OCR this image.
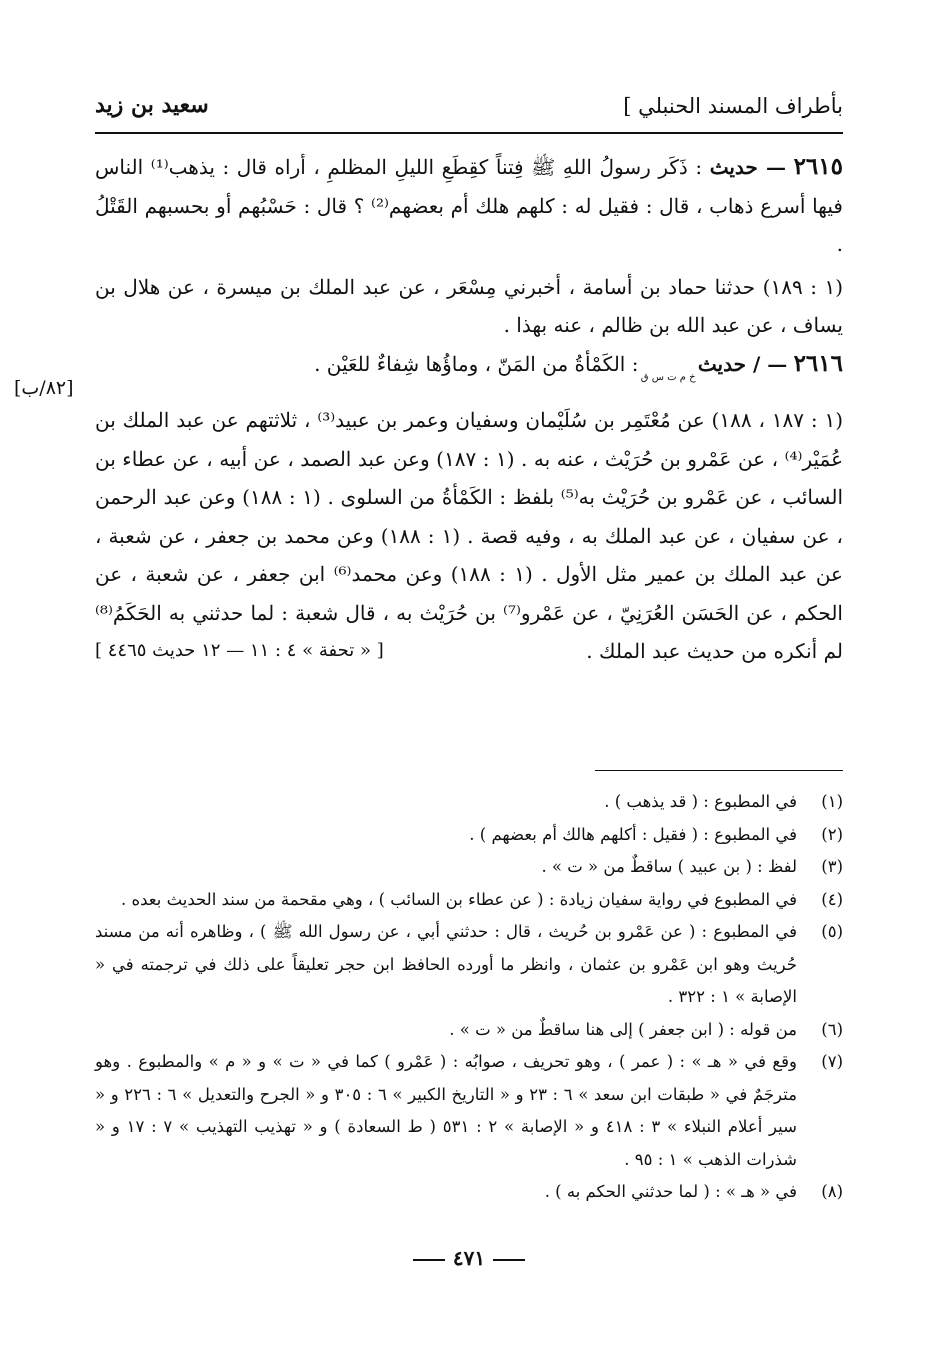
بأطراف المسند الحنبلي ]
سعيد بن زيد
[٨٢/ب]

٢٦١٥ — حديث : ذَكَر رسولُ اللهِ ﷺ فِتناً كقِطَعِ الليلِ المظلمِ ، أراه قال : يذهب⁽¹⁾ الناس فيها أسرع ذهاب ، قال : فقيل له : كلهم هلك أم بعضهم⁽²⁾ ؟ قال : حَسْبُهم أو بحسبهم القَتْلُ .

(١ : ١٨٩) حدثنا حماد بن أسامة ، أخبرني مِسْعَر ، عن عبد الملك بن ميسرة ، عن هلال بن يساف ، عن عبد الله بن ظالم ، عنه بهذا .

٢٦١٦ — / حديث $_{خ م ت س ق}$ : الكَمْأةُ من المَنّ ، وماؤُها شِفاءٌ للعَيْن .

(١ : ١٨٧ ، ١٨٨) عن مُعْتَمِر بن سُلَيْمان وسفيان وعمر بن عبيد⁽³⁾ ، ثلاثتهم عن عبد الملك بن عُمَيْر⁽⁴⁾ ، عن عَمْرو بن حُرَيْث ، عنه به . (١ : ١٨٧) وعن عبد الصمد ، عن أبيه ، عن عطاء بن السائب ، عن عَمْرو بن حُرَيْث به⁽⁵⁾ بلفظ : الكَمْأةُ من السلوى . (١ : ١٨٨) وعن عبد الرحمن ، عن سفيان ، عن عبد الملك به ، وفيه قصة . (١ : ١٨٨) وعن محمد بن جعفر ، عن شعبة ، عن عبد الملك بن عمير مثل الأول . (١ : ١٨٨) وعن محمد⁽⁶⁾ ابن جعفر ، عن شعبة ، عن الحكم ، عن الحَسَن العُرَنِيّ ، عن عَمْرو⁽⁷⁾ بن حُرَيْث به ، قال شعبة : لما حدثني به الحَكَمُ⁽⁸⁾ لم أنكره من حديث عبد الملك .
[ « تحفة » ٤ : ١١ — ١٢ حديث ٤٤٦٥ ]

(١)
في المطبوع : ( قد يذهب ) .
(٢)
في المطبوع : ( فقيل : أكلهم هالك أم بعضهم ) .
(٣)
لفظ : ( بن عبيد ) ساقطٌ من « ت » .
(٤)
في المطبوع في رواية سفيان زيادة : ( عن عطاء بن السائب ) ، وهي مقحمة من سند الحديث بعده .
(٥)
في المطبوع : ( عن عَمْرو بن حُريث ، قال : حدثني أبي ، عن رسول الله ﷺ ) ، وظاهره أنه من مسند حُريث وهو ابن عَمْرو بن عثمان ، وانظر ما أورده الحافظ ابن حجر تعليقاً على ذلك في ترجمته في « الإصابة » ١ : ٣٢٢ .
(٦)
من قوله : ( ابن جعفر ) إلى هنا ساقطٌ من « ت » .
(٧)
وقع في « هـ » : ( عمر ) ، وهو تحريف ، صوابُه : ( عَمْرو ) كما في « ت » و « م » والمطبوع . وهو مترجَمٌ في « طبقات ابن سعد » ٦ : ٢٣ و « التاريخ الكبير » ٦ : ٣٠٥ و « الجرح والتعديل » ٦ : ٢٢٦ و « سير أعلام النبلاء » ٣ : ٤١٨ و « الإصابة » ٢ : ٥٣١ ( ط السعادة ) و « تهذيب التهذيب » ٧ : ١٧ و « شذرات الذهب » ١ : ٩٥ .
(٨)
في « هـ » : ( لما حدثني الحكم به ) .
٤٧١
